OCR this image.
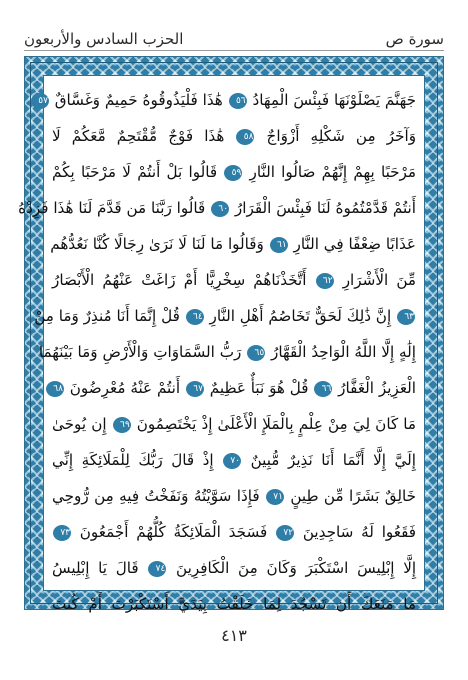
سورة ص
الحزب السادس والأربعون
جَهَنَّمَ يَصْلَوْنَهَا فَبِئْسَ الْمِهَادُ ٥٦ هَٰذَا فَلْيَذُوقُوهُ حَمِيمٌ وَغَسَّاقٌ ٥٧
وَآخَرُ مِن شَكْلِهِ أَزْوَاجٌ ٥٨ هَٰذَا فَوْجٌ مُّقْتَحِمٌ مَّعَكُمْ لَا
مَرْحَبًا بِهِمْ إِنَّهُمْ صَالُوا النَّارِ ٥٩ قَالُوا بَلْ أَنتُمْ لَا مَرْحَبًا بِكُمْ
أَنتُمْ قَدَّمْتُمُوهُ لَنَا فَبِئْسَ الْقَرَارُ ٦٠ قَالُوا رَبَّنَا مَن قَدَّمَ لَنَا هَٰذَا فَزِدْهُ
عَذَابًا ضِعْفًا فِي النَّارِ ٦١ وَقَالُوا مَا لَنَا لَا نَرَىٰ رِجَالًا كُنَّا نَعُدُّهُم
مِّنَ الْأَشْرَارِ ٦٢ أَتَّخَذْنَاهُمْ سِخْرِيًّا أَمْ زَاغَتْ عَنْهُمُ الْأَبْصَارُ
٦٣ إِنَّ ذَٰلِكَ لَحَقٌّ تَخَاصُمُ أَهْلِ النَّارِ ٦٤ قُلْ إِنَّمَا أَنَا مُنذِرٌ وَمَا مِنْ
إِلَٰهٍ إِلَّا اللَّهُ الْوَاحِدُ الْقَهَّارُ ٦٥ رَبُّ السَّمَاوَاتِ وَالْأَرْضِ وَمَا بَيْنَهُمَا
الْعَزِيزُ الْغَفَّارُ ٦٦ قُلْ هُوَ نَبَأٌ عَظِيمٌ ٦٧ أَنتُمْ عَنْهُ مُعْرِضُونَ ٦٨
مَا كَانَ لِيَ مِنْ عِلْمٍ بِالْمَلَإِ الْأَعْلَىٰ إِذْ يَخْتَصِمُونَ ٦٩ إِن يُوحَىٰ
إِلَيَّ إِلَّا أَنَّمَا أَنَا نَذِيرٌ مُّبِينٌ ٧٠ إِذْ قَالَ رَبُّكَ لِلْمَلَائِكَةِ إِنِّي
خَالِقٌ بَشَرًا مِّن طِينٍ ٧١ فَإِذَا سَوَّيْتُهُ وَنَفَخْتُ فِيهِ مِن رُّوحِي
فَقَعُوا لَهُ سَاجِدِينَ ٧٢ فَسَجَدَ الْمَلَائِكَةُ كُلُّهُمْ أَجْمَعُونَ ٧٣
إِلَّا إِبْلِيسَ اسْتَكْبَرَ وَكَانَ مِنَ الْكَافِرِينَ ٧٤ قَالَ يَا إِبْلِيسُ
مَا مَنَعَكَ أَن تَسْجُدَ لِمَا خَلَقْتُ بِيَدَيَّ أَسْتَكْبَرْتَ أَمْ كُنتَ
٤١٣
